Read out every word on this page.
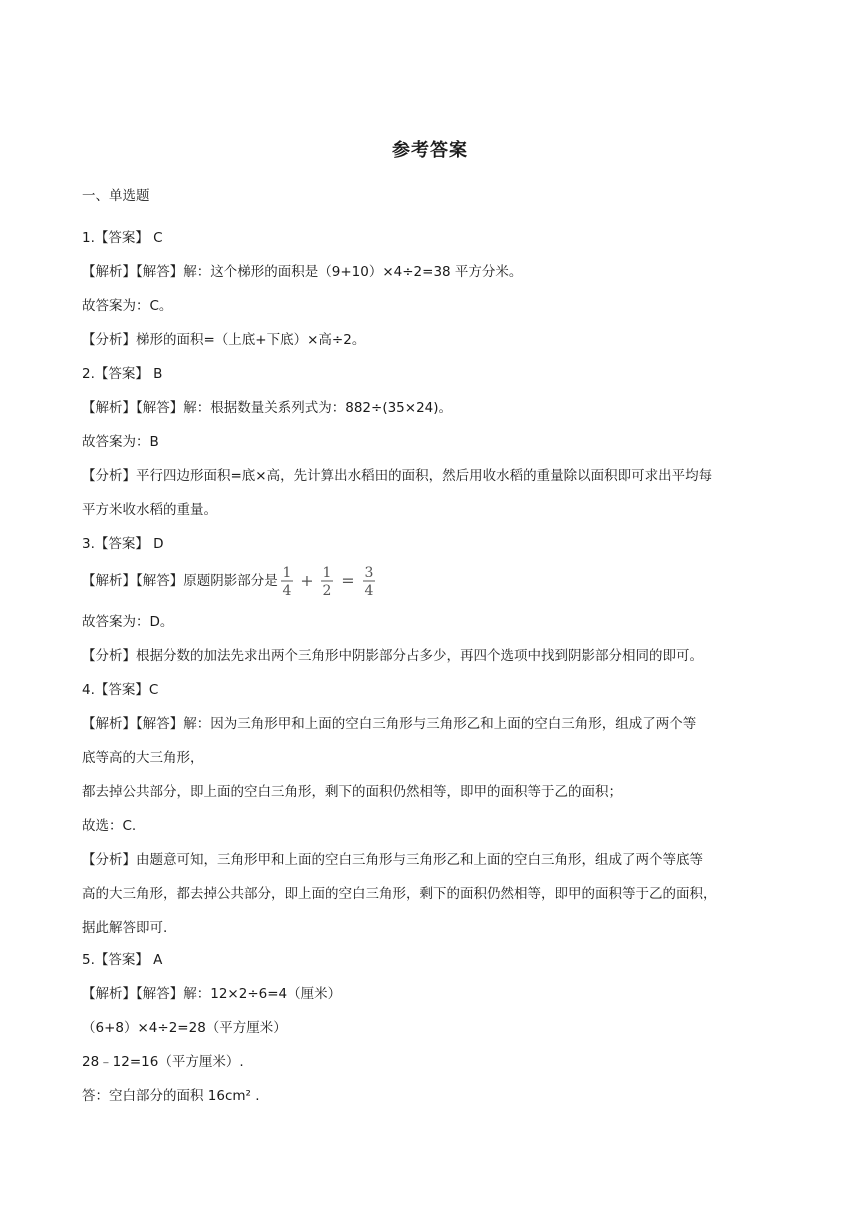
参考答案
一、单选题
1.【答案】 C
【解析】【解答】解：这个梯形的面积是（9+10）×4÷2=38 平方分米。
故答案为：C。
【分析】梯形的面积=（上底+下底）×高÷2。
2.【答案】 B
【解析】【解答】解：根据数量关系列式为：882÷(35×24)。
故答案为：B
【分析】平行四边形面积=底×高，先计算出水稻田的面积，然后用收水稻的重量除以面积即可求出平均每
平方米收水稻的重量。
3.【答案】 D
【解析】【解答】原题阴影部分是 1
4
+ 1
2
= 3
4
故答案为：D。
【分析】根据分数的加法先求出两个三角形中阴影部分占多少，再四个选项中找到阴影部分相同的即可。
4.【答案】C
【解析】【解答】解：因为三角形甲和上面的空白三角形与三角形乙和上面的空白三角形，组成了两个等
底等高的大三角形，
都去掉公共部分，即上面的空白三角形，剩下的面积仍然相等，即甲的面积等于乙的面积；
故选：C.
【分析】由题意可知，三角形甲和上面的空白三角形与三角形乙和上面的空白三角形，组成了两个等底等
高的大三角形，都去掉公共部分，即上面的空白三角形，剩下的面积仍然相等，即甲的面积等于乙的面积，
据此解答即可.
5.【答案】 A
【解析】【解答】解：12×2÷6=4（厘米）
（6+8）×4÷2=28（平方厘米）
28﹣12=16（平方厘米）.
答：空白部分的面积 16cm² .
